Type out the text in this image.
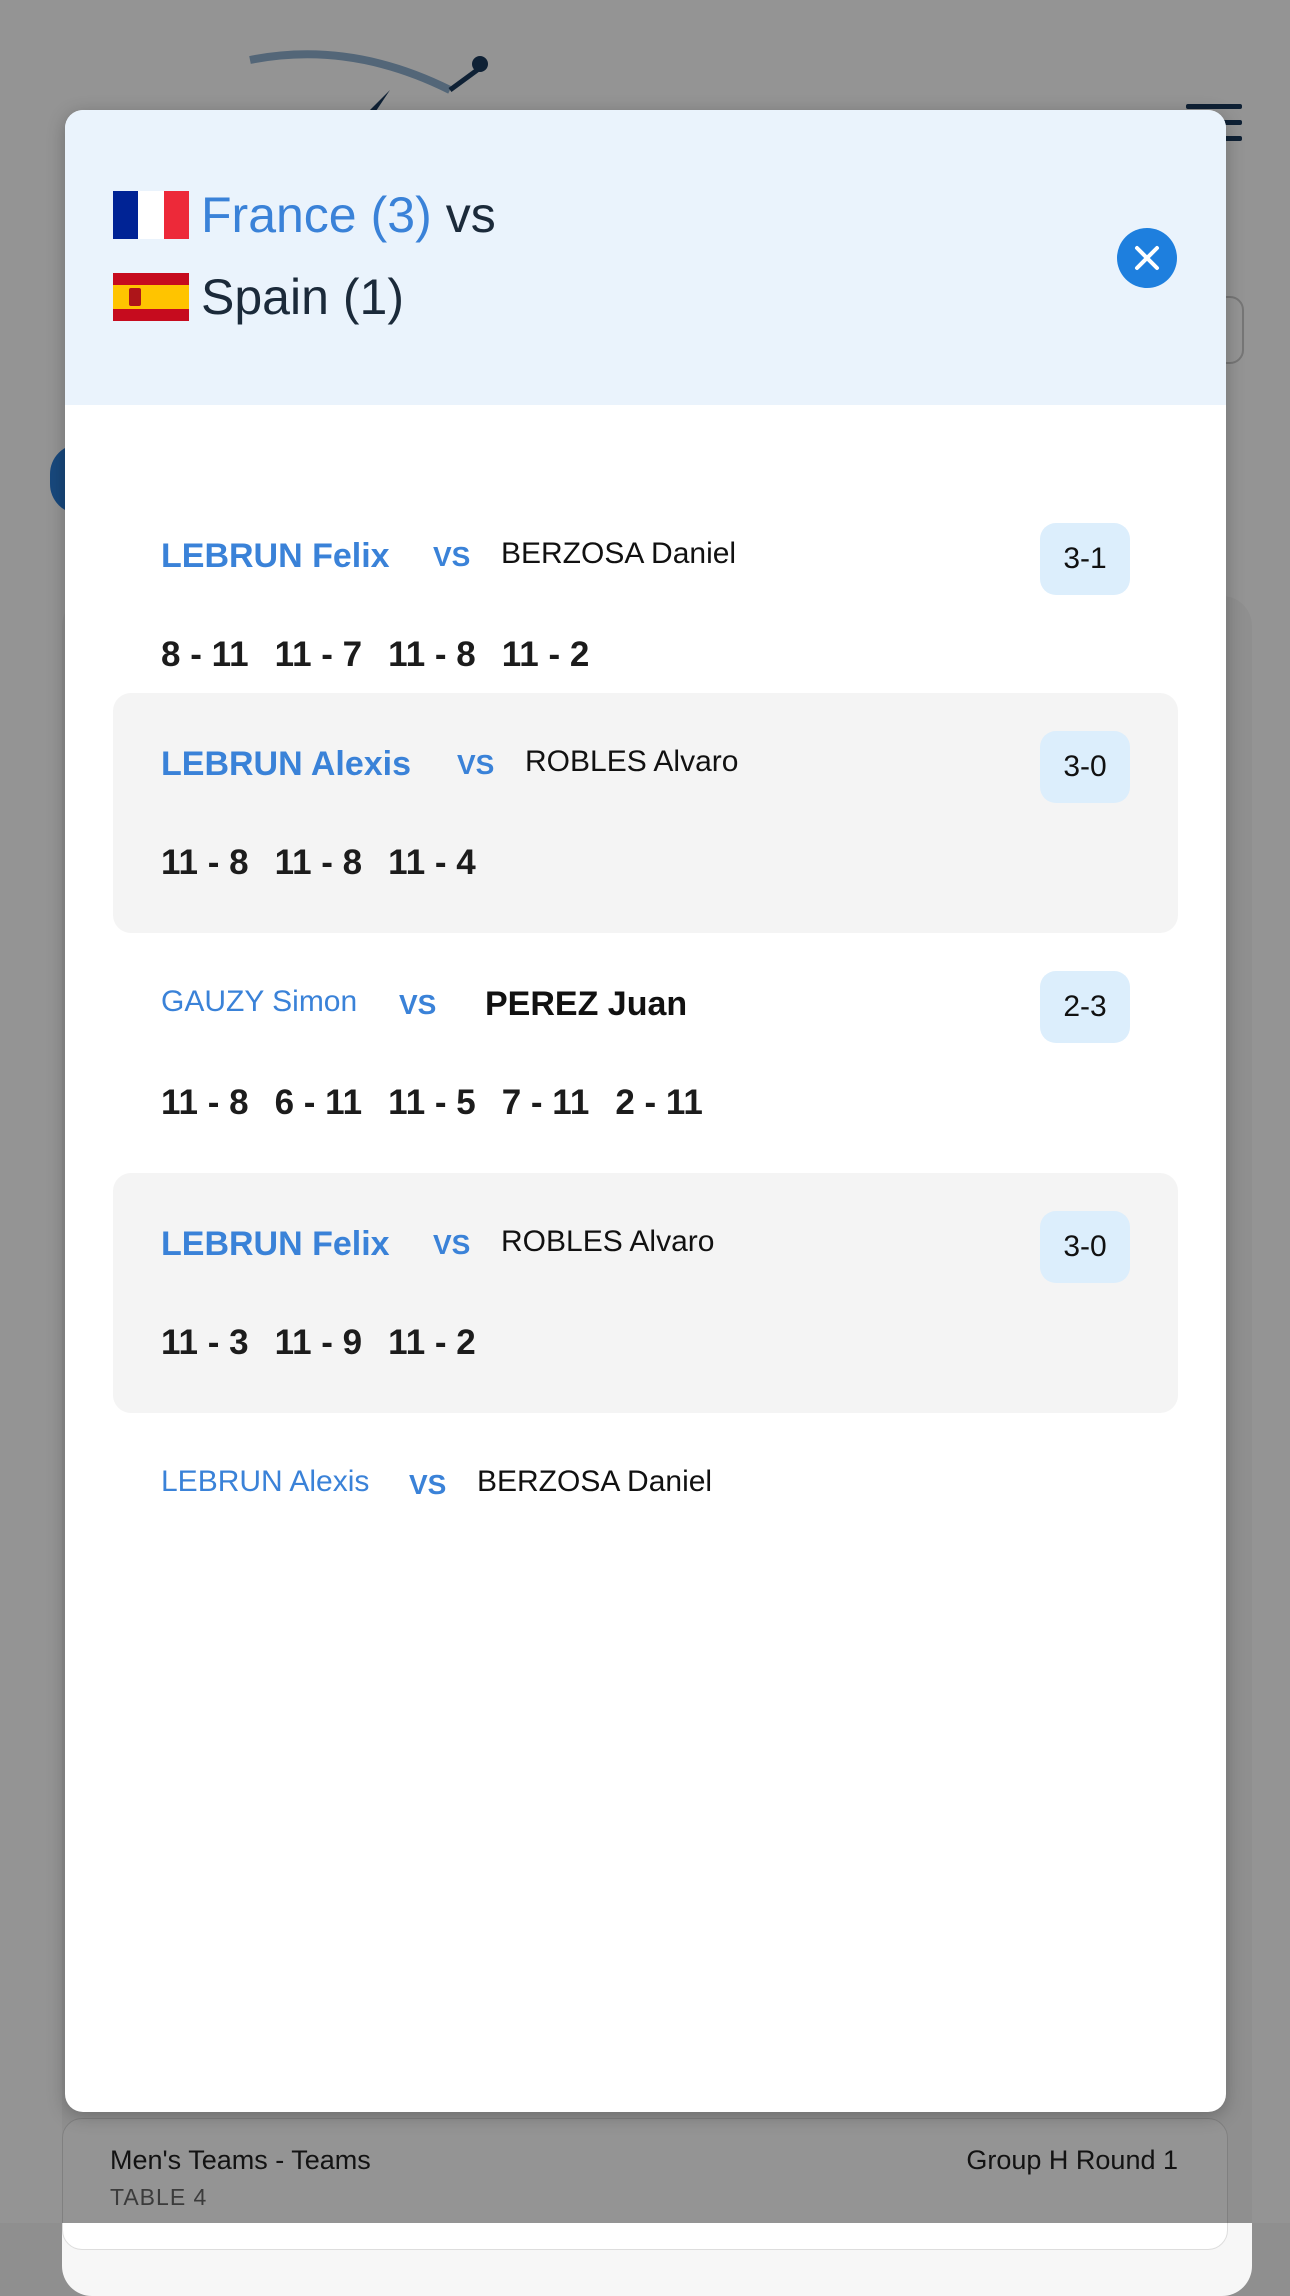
Men's Teams - Teams
TABLE 4
Group H Round 1
France (3) vs
Spain (1)
LEBRUN Felix VS BERZOSA Daniel	3-1
8 - 11 11 - 7 11 - 8 11 - 2
LEBRUN Alexis VS ROBLES Alvaro	3-0
11 - 8 11 - 8 11 - 4
GAUZY Simon VS PEREZ Juan	2-3
11 - 8 6 - 11 11 - 5 7 - 11 2 - 11
LEBRUN Felix VS ROBLES Alvaro	3-0
11 - 3 11 - 9 11 - 2
LEBRUN Alexis VS BERZOSA Daniel
